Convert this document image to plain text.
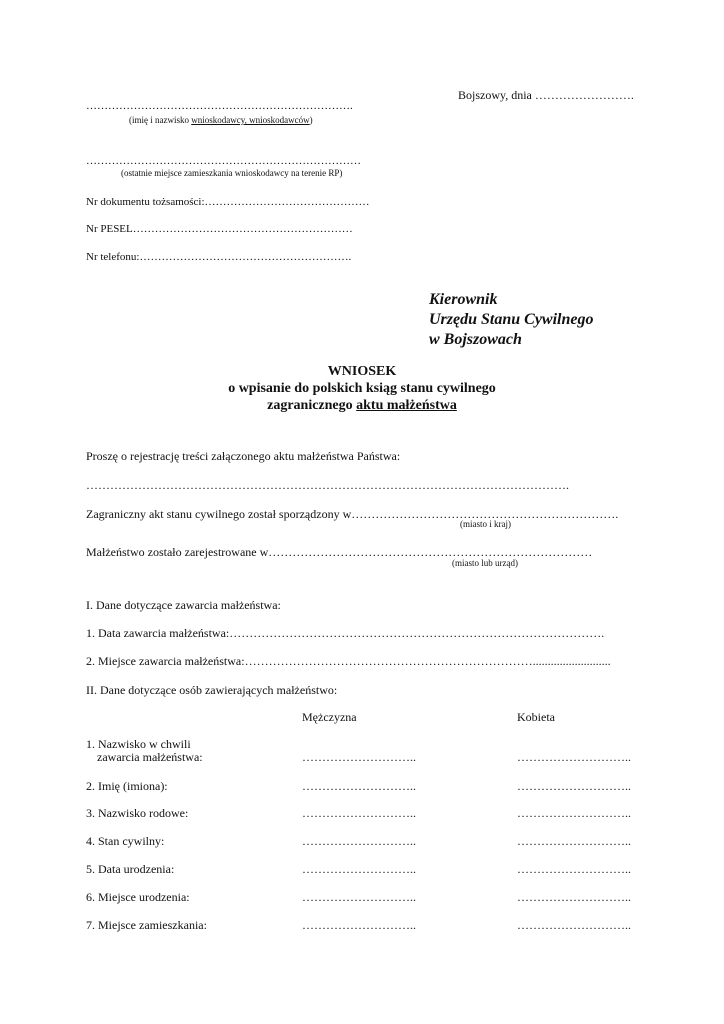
Bojszowy, dnia …………………….
……………………………………………………………….
(imię i nazwisko wnioskodawcy, wnioskodawców)
…………………………………………………………………
(ostatnie miejsce zamieszkania wnioskodawcy na terenie RP)
Nr dokumentu tożsamości:………………………………………
Nr PESEL……………………………………………………
Nr telefonu:………………………………………………….
Kierownik
Urzędu Stanu Cywilnego
w Bojszowach
WNIOSEK
o wpisanie do polskich ksiąg stanu cywilnego
zagranicznego aktu małżeństwa
Proszę o rejestrację treści załączonego aktu małżeństwa Państwa:
………………………………………………………………………………………………………….
Zagraniczny akt stanu cywilnego został sporządzony w………………………………………………………….
(miasto i kraj)
Małżeństwo zostało zarejestrowane w………………………………………………………………………
(miasto lub urząd)
I. Dane dotyczące zawarcia małżeństwa:
1. Data zawarcia małżeństwa:………………………………………………………………………………….
2. Miejsce zawarcia małżeństwa:………………………………………………………………..........................
II. Dane dotyczące osób zawierających małżeństwo:
Mężczyzna	Kobieta
1. Nazwisko w chwili
zawarcia małżeństwa:	………………………..	………………………..
2. Imię (imiona):	………………………..	………………………..
3. Nazwisko rodowe:	………………………..	………………………..
4. Stan cywilny:	………………………..	………………………..
5. Data urodzenia:	………………………..	………………………..
6. Miejsce urodzenia:	………………………..	………………………..
7. Miejsce zamieszkania:	………………………..	………………………..
